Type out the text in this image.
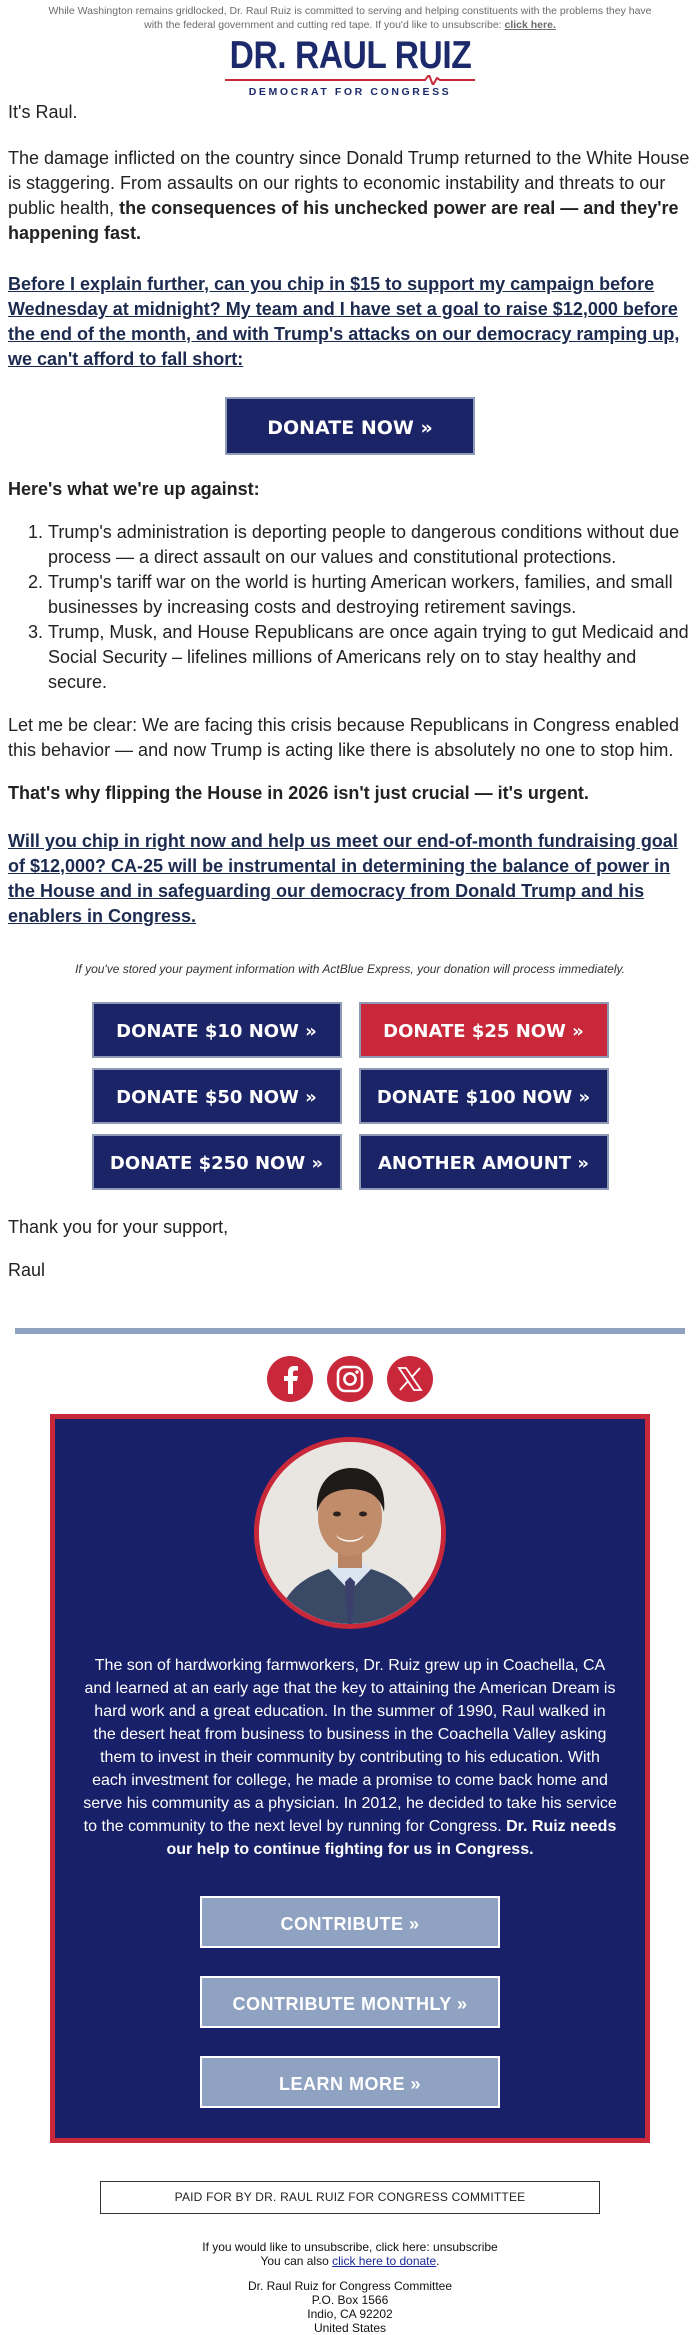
While Washington remains gridlocked, Dr. Raul Ruiz is committed to serving and helping constituents with the problems they have with the federal government and cutting red tape. If you'd like to unsubscribe: click here.
DR. RAUL RUIZ
DEMOCRAT FOR CONGRESS

It's Raul.

The damage inflicted on the country since Donald Trump returned to the White House is staggering. From assaults on our rights to economic instability and threats to our public health, the consequences of his unchecked power are real — and they're happening fast.

Before I explain further, can you chip in $15 to support my campaign before Wednesday at midnight? My team and I have set a goal to raise $12,000 before the end of the month, and with Trump's attacks on our democracy ramping up, we can't afford to fall short:

DONATE NOW »

Here's what we're up against:

1. Trump's administration is deporting people to dangerous conditions without due process — a direct assault on our values and constitutional protections.
2. Trump's tariff war on the world is hurting American workers, families, and small businesses by increasing costs and destroying retirement savings.
3. Trump, Musk, and House Republicans are once again trying to gut Medicaid and Social Security – lifelines millions of Americans rely on to stay healthy and secure.

Let me be clear: We are facing this crisis because Republicans in Congress enabled this behavior — and now Trump is acting like there is absolutely no one to stop him.

That's why flipping the House in 2026 isn't just crucial — it's urgent.

Will you chip in right now and help us meet our end-of-month fundraising goal of $12,000? CA-25 will be instrumental in determining the balance of power in the House and in safeguarding our democracy from Donald Trump and his enablers in Congress.

If you've stored your payment information with ActBlue Express, your donation will process immediately.
DONATE $10 NOW »	DONATE $25 NOW »
DONATE $50 NOW »	DONATE $100 NOW »
DONATE $250 NOW »	ANOTHER AMOUNT »

Thank you for your support,

Raul

The son of hardworking farmworkers, Dr. Ruiz grew up in Coachella, CA and learned at an early age that the key to attaining the American Dream is hard work and a great education. In the summer of 1990, Raul walked in the desert heat from business to business in the Coachella Valley asking them to invest in their community by contributing to his education. With each investment for college, he made a promise to come back home and serve his community as a physician. In 2012, he decided to take his service to the community to the next level by running for Congress. Dr. Ruiz needs our help to continue fighting for us in Congress.
CONTRIBUTE »
CONTRIBUTE MONTHLY »
LEARN MORE »
PAID FOR BY DR. RAUL RUIZ FOR CONGRESS COMMITTEE
If you would like to unsubscribe, click here: unsubscribe
You can also click here to donate.
Dr. Raul Ruiz for Congress Committee
P.O. Box 1566
Indio, CA 92202
United States
